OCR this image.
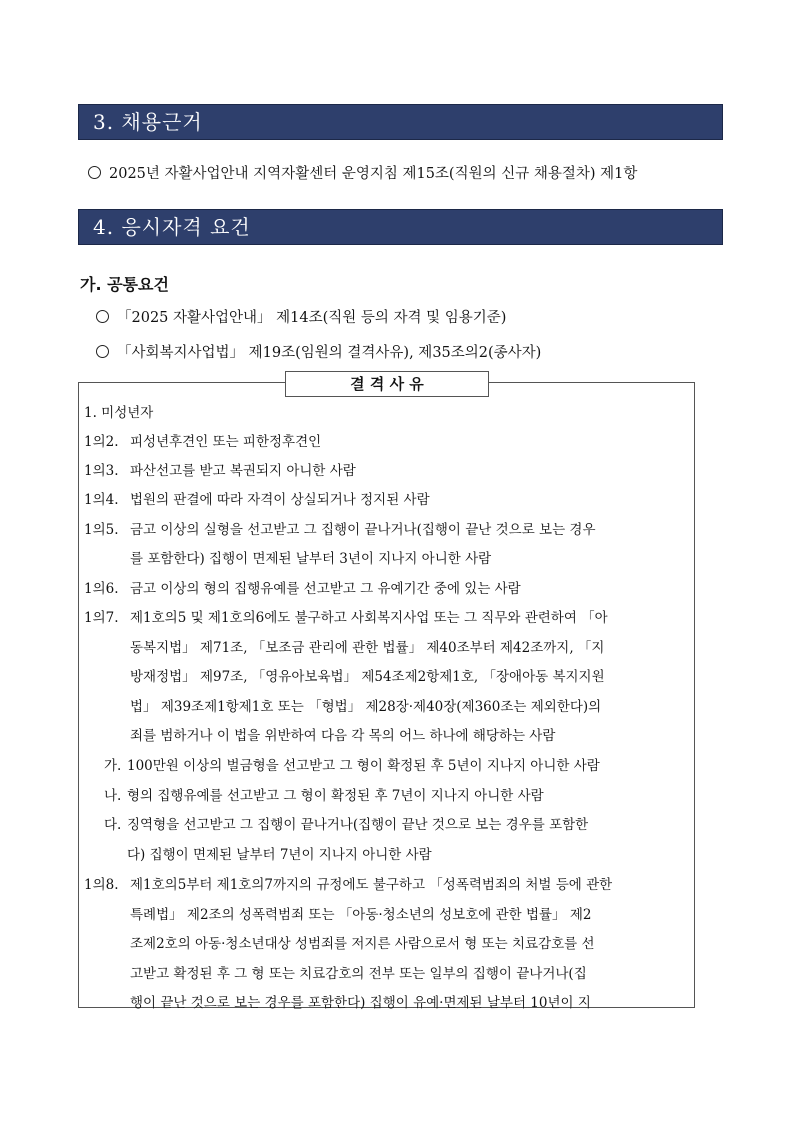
3. 채용근거
2025년 자활사업안내 지역자활센터 운영지침 제15조(직원의 신규 채용절차) 제1항
4. 응시자격 요건
가. 공통요건
「2025 자활사업안내」 제14조(직원 등의 자격 및 임용기준)
「사회복지사업법」 제19조(임원의 결격사유), 제35조의2(종사자)
결 격 사 유
1. 미성년자
1의2. 피성년후견인 또는 피한정후견인
1의3. 파산선고를 받고 복권되지 아니한 사람
1의4. 법원의 판결에 따라 자격이 상실되거나 정지된 사람
1의5. 금고 이상의 실형을 선고받고 그 집행이 끝나거나(집행이 끝난 것으로 보는 경우
를 포함한다) 집행이 면제된 날부터 3년이 지나지 아니한 사람
1의6. 금고 이상의 형의 집행유예를 선고받고 그 유예기간 중에 있는 사람
1의7. 제1호의5 및 제1호의6에도 불구하고 사회복지사업 또는 그 직무와 관련하여 「아
동복지법」 제71조, 「보조금 관리에 관한 법률」 제40조부터 제42조까지, 「지
방재정법」 제97조, 「영유아보육법」 제54조제2항제1호, 「장애아동 복지지원
법」 제39조제1항제1호 또는 「형법」 제28장·제40장(제360조는 제외한다)의
죄를 범하거나 이 법을 위반하여 다음 각 목의 어느 하나에 해당하는 사람
가. 100만원 이상의 벌금형을 선고받고 그 형이 확정된 후 5년이 지나지 아니한 사람
나. 형의 집행유예를 선고받고 그 형이 확정된 후 7년이 지나지 아니한 사람
다. 징역형을 선고받고 그 집행이 끝나거나(집행이 끝난 것으로 보는 경우를 포함한
다) 집행이 면제된 날부터 7년이 지나지 아니한 사람
1의8. 제1호의5부터 제1호의7까지의 규정에도 불구하고 「성폭력범죄의 처벌 등에 관한
특례법」 제2조의 성폭력범죄 또는 「아동·청소년의 성보호에 관한 법률」 제2
조제2호의 아동·청소년대상 성범죄를 저지른 사람으로서 형 또는 치료감호를 선
고받고 확정된 후 그 형 또는 치료감호의 전부 또는 일부의 집행이 끝나거나(집
행이 끝난 것으로 보는 경우를 포함한다) 집행이 유예·면제된 날부터 10년이 지
